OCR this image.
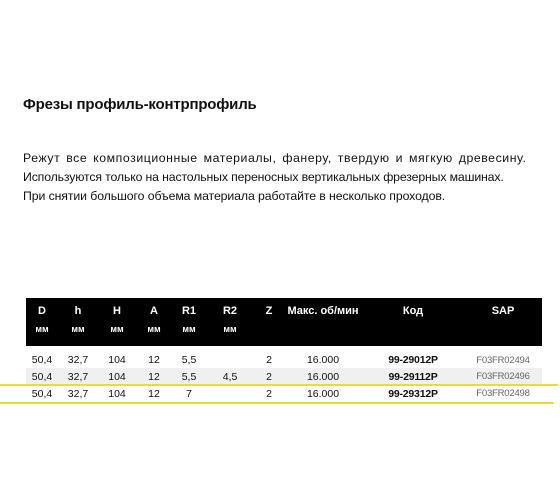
Фрезы профиль-контрпрофиль
Режут все композиционные материалы, фанеру, твердую и мягкую древесину.
Используются только на настольных переносных вертикальных фрезерных машинах.
При снятии большого объема материала работайте в несколько проходов.
D	h	H	A	R1	R2	Z	Макс. об/мин	Код	SAP
мм	мм	мм	мм	мм	мм				
50,4	32,7	104	12	5,5		2	16.000	99-29012P	F03FR02494
50,4	32,7	104	12	5,5	4,5	2	16.000	99-29112P	F03FR02496
50,4	32,7	104	12	7		2	16.000	99-29312P	F03FR02498
